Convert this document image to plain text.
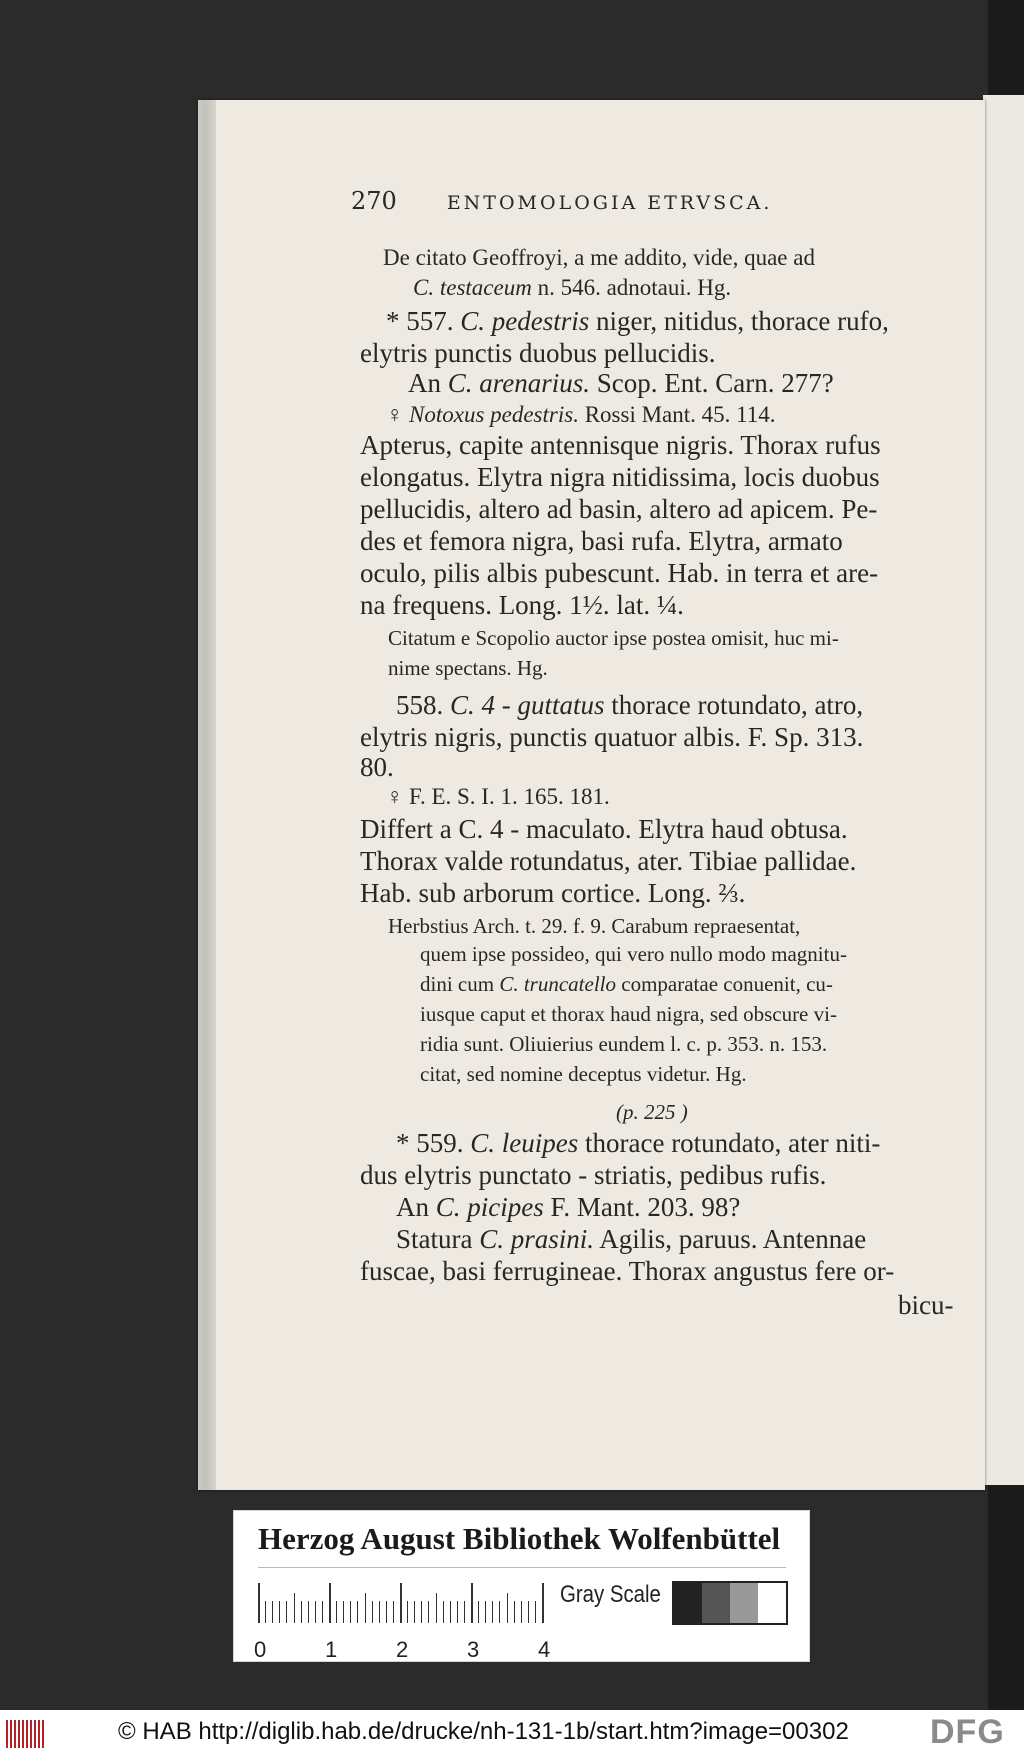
270	ENTOMOLOGIA ETRVSCA.
De citato Geoffroyi, a me addito, vide, quae ad
C. testaceum n. 546. adnotaui. Hg.
* 557. C. pedestris niger, nitidus, thorace rufo,
elytris punctis duobus pellucidis.
An C. arenarius. Scop. Ent. Carn. 277?
♀ Notoxus pedestris. Rossi Mant. 45. 114.
Apterus, capite antennisque nigris. Thorax rufus
elongatus. Elytra nigra nitidissima, locis duobus
pellucidis, altero ad basin, altero ad apicem. Pe-
des et femora nigra, basi rufa. Elytra, armato
oculo, pilis albis pubescunt. Hab. in terra et are-
na frequens. Long. 1½. lat. ¼.
Citatum e Scopolio auctor ipse postea omisit, huc mi-
nime spectans. Hg.
558. C. 4 - guttatus thorace rotundato, atro,
elytris nigris, punctis quatuor albis. F. Sp. 313.
80.
♀ F. E. S. I. 1. 165. 181.
Differt a C. 4 - maculato. Elytra haud obtusa.
Thorax valde rotundatus, ater. Tibiae pallidae.
Hab. sub arborum cortice. Long. ⅔.
Herbstius Arch. t. 29. f. 9. Carabum repraesentat,
quem ipse possideo, qui vero nullo modo magnitu-
dini cum C. truncatello comparatae conuenit, cu-
iusque caput et thorax haud nigra, sed obscure vi-
ridia sunt. Oliuierius eundem l. c. p. 353. n. 153.
citat, sed nomine deceptus videtur. Hg.
(p. 225 )
* 559. C. leuipes thorace rotundato, ater niti-
dus elytris punctato - striatis, pedibus rufis.
An C. picipes F. Mant. 203. 98?
Statura C. prasini. Agilis, paruus. Antennae
fuscae, basi ferrugineae. Thorax angustus fere or-
bicu-
Herzog August Bibliothek Wolfenbüttel
0	1	2	3	4
Gray Scale
© HAB http://diglib.hab.de/drucke/nh-131-1b/start.htm?image=00302 DFG
